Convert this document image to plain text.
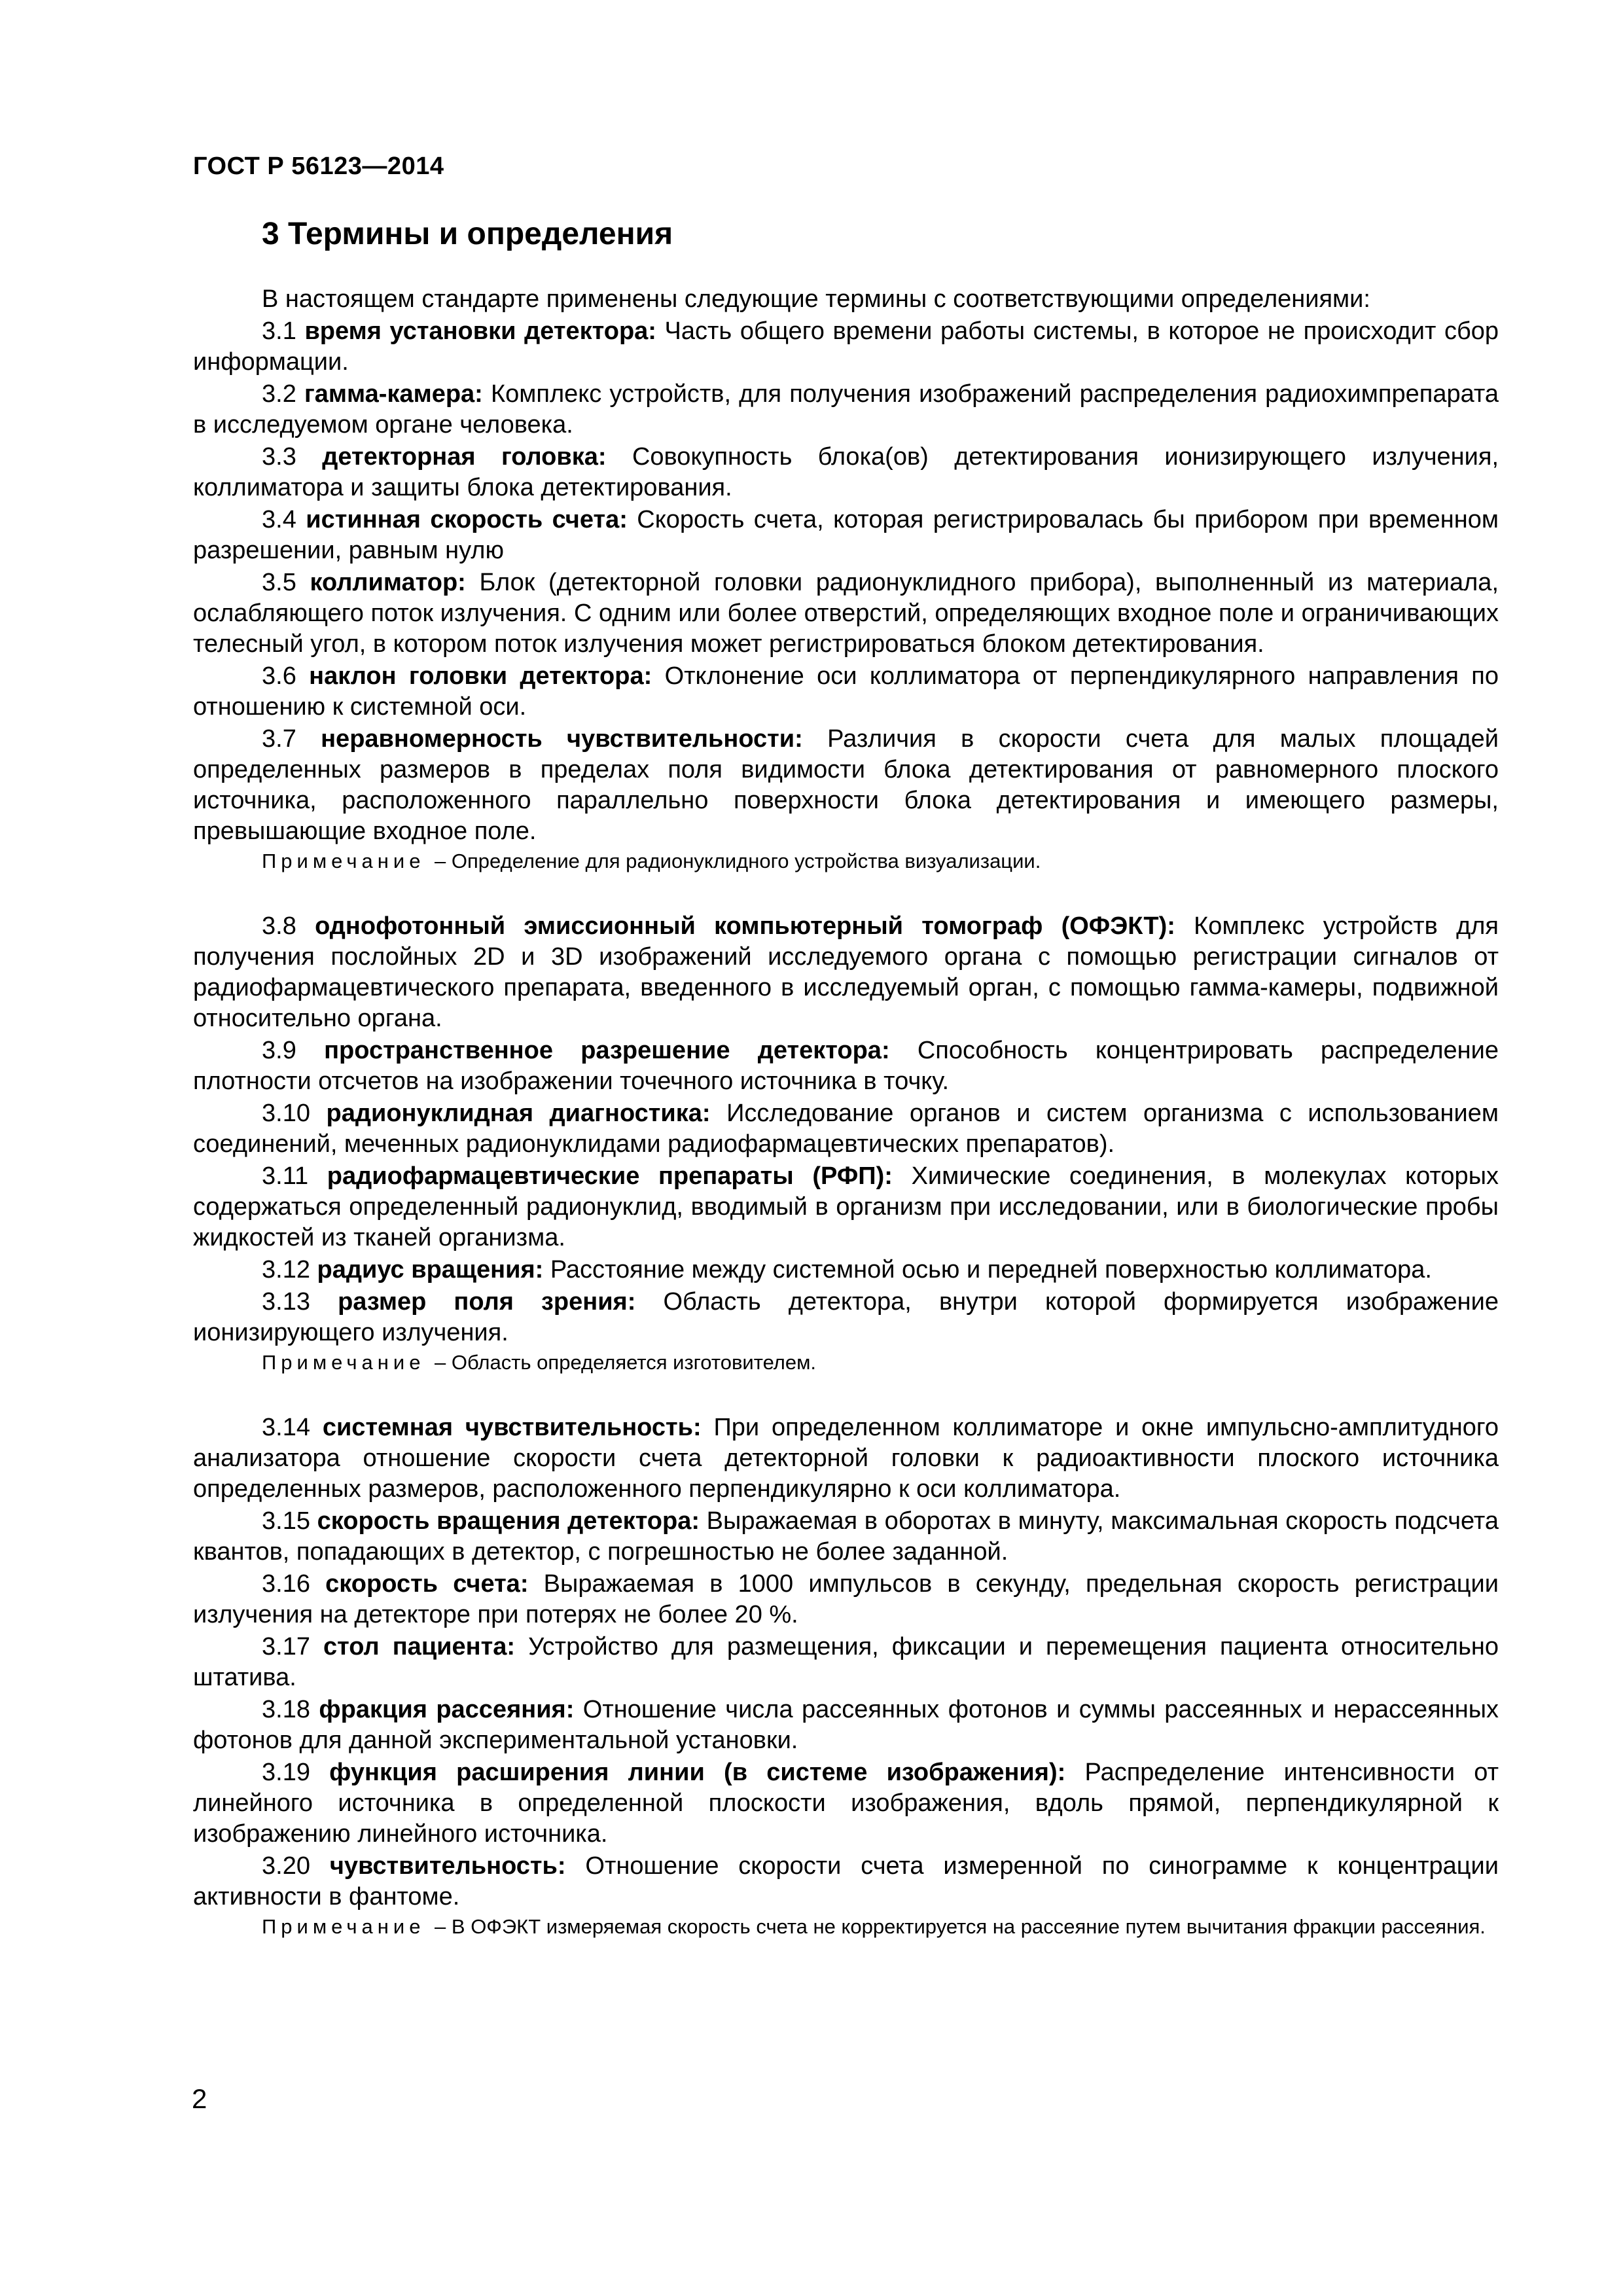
ГОСТ Р 56123—2014
3 Термины и определения

В настоящем стандарте применены следующие термины с соответствующими определениями:

3.1 время установки детектора: Часть общего времени работы системы, в которое не происходит сбор информации.

3.2 гамма-камера: Комплекс устройств, для получения изображений распределения радиохимпрепарата в исследуемом органе человека.

3.3 детекторная головка: Совокупность блока(ов) детектирования ионизирующего излучения, коллиматора и защиты блока детектирования.

3.4 истинная скорость счета: Скорость счета, которая регистрировалась бы прибором при временном разрешении, равным нулю

3.5 коллиматор: Блок (детекторной головки радионуклидного прибора), выполненный из материала, ослабляющего поток излучения. С одним или более отверстий, определяющих входное поле и ограничивающих телесный угол, в котором поток излучения может регистрироваться блоком детектирования.

3.6 наклон головки детектора: Отклонение оси коллиматора от перпендикулярного направления по отношению к системной оси.

3.7 неравномерность чувствительности: Различия в скорости счета для малых площадей определенных размеров в пределах поля видимости блока детектирования от равномерного плоского источника, расположенного параллельно поверхности блока детектирования и имеющего размеры, превышающие входное поле.

Примечание – Определение для радионуклидного устройства визуализации.

3.8 однофотонный эмиссионный компьютерный томограф (ОФЭКТ): Комплекс устройств для получения послойных 2D и 3D изображений исследуемого органа с помощью регистрации сигналов от радиофармацевтического препарата, введенного в исследуемый орган, с помощью гамма-камеры, подвижной относительно органа.

3.9 пространственное разрешение детектора: Способность концентрировать распределение плотности отсчетов на изображении точечного источника в точку.

3.10 радионуклидная диагностика: Исследование органов и систем организма с использованием соединений, меченных радионуклидами радиофармацевтических препаратов).

3.11 радиофармацевтические препараты (РФП): Химические соединения, в молекулах которых содержаться определенный радионуклид, вводимый в организм при исследовании, или в биологические пробы жидкостей из тканей организма.

3.12 радиус вращения: Расстояние между системной осью и передней поверхностью коллиматора.

3.13 размер поля зрения: Область детектора, внутри которой формируется изображение ионизирующего излучения.

Примечание – Область определяется изготовителем.

3.14 системная чувствительность: При определенном коллиматоре и окне импульсно-амплитудного анализатора отношение скорости счета детекторной головки к радиоактивности плоского источника определенных размеров, расположенного перпендикулярно к оси коллиматора.

3.15 скорость вращения детектора: Выражаемая в оборотах в минуту, максимальная скорость подсчета квантов, попадающих в детектор, с погрешностью не более заданной.

3.16 скорость счета: Выражаемая в 1000 импульсов в секунду, предельная скорость регистрации излучения на детекторе при потерях не более 20 %.

3.17 стол пациента: Устройство для размещения, фиксации и перемещения пациента относительно штатива.

3.18 фракция рассеяния: Отношение числа рассеянных фотонов и суммы рассеянных и нерассеянных фотонов для данной экспериментальной установки.

3.19 функция расширения линии (в системе изображения): Распределение интенсивности от линейного источника в определенной плоскости изображения, вдоль прямой, перпендикулярной к изображению линейного источника.

3.20 чувствительность: Отношение скорости счета измеренной по синограмме к концентрации активности в фантоме.

Примечание – В ОФЭКТ измеряемая скорость счета не корректируется на рассеяние путем вычитания фракции рассеяния.

2
